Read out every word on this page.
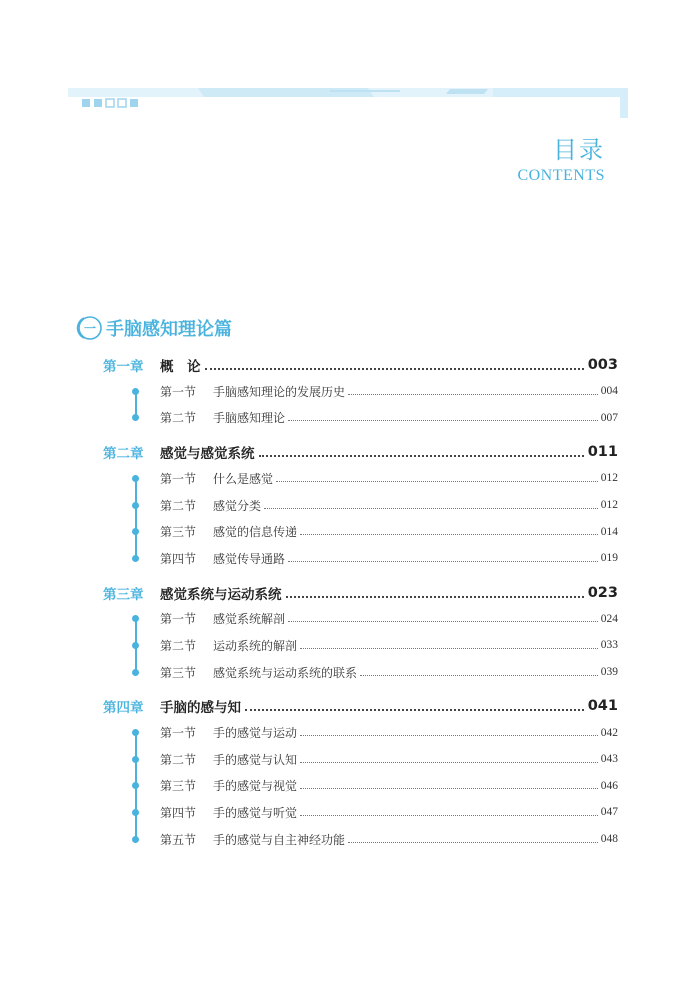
目录
CONTENTS
一 手脑感知理论篇
第一章	概　论	003
第一节	手脑感知理论的发展历史	004
第二节	手脑感知理论	007
第二章	感觉与感觉系统	011
第一节	什么是感觉	012
第二节	感觉分类	012
第三节	感觉的信息传递	014
第四节	感觉传导通路	019
第三章	感觉系统与运动系统	023
第一节	感觉系统解剖	024
第二节	运动系统的解剖	033
第三节	感觉系统与运动系统的联系	039
第四章	手脑的感与知	041
第一节	手的感觉与运动	042
第二节	手的感觉与认知	043
第三节	手的感觉与视觉	046
第四节	手的感觉与听觉	047
第五节	手的感觉与自主神经功能	048
